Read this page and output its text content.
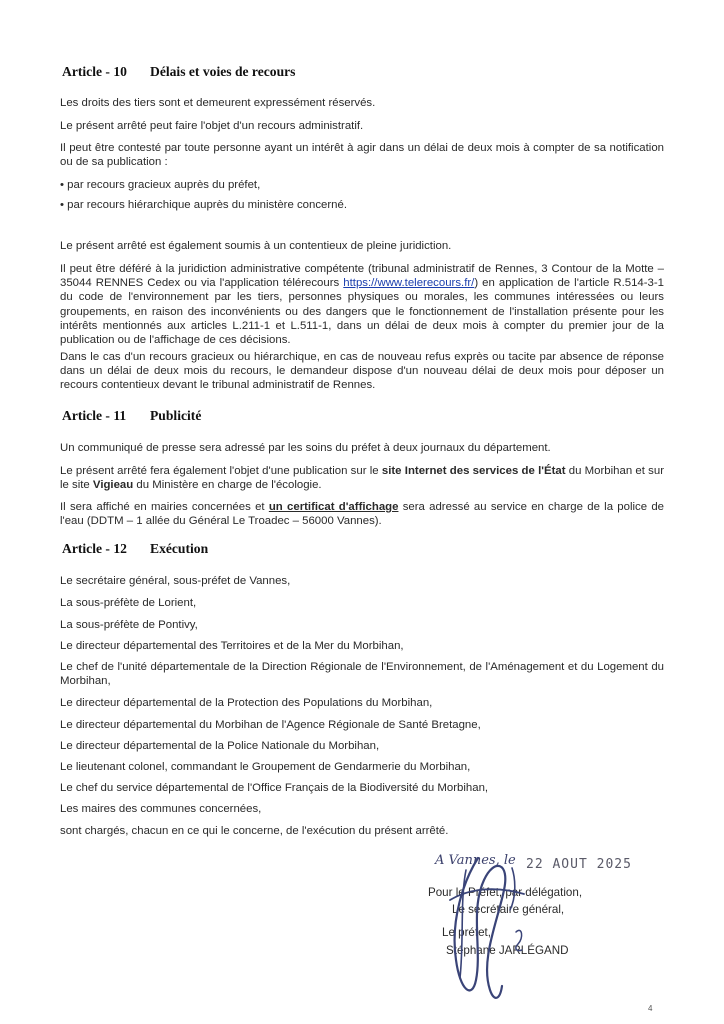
Article - 10 Délais et voies de recours
Les droits des tiers sont et demeurent expressément réservés.
Le présent arrêté peut faire l'objet d'un recours administratif.
Il peut être contesté par toute personne ayant un intérêt à agir dans un délai de deux mois à compter de sa notification ou de sa publication :
• par recours gracieux auprès du préfet,
• par recours hiérarchique auprès du ministère concerné.
Le présent arrêté est également soumis à un contentieux de pleine juridiction.
Il peut être déféré à la juridiction administrative compétente (tribunal administratif de Rennes, 3 Contour de la Motte – 35044 RENNES Cedex ou via l'application télérecours https://www.telerecours.fr/) en application de l'article R.514-3-1 du code de l'environnement par les tiers, personnes physiques ou morales, les communes intéressées ou leurs groupements, en raison des inconvénients ou des dangers que le fonctionnement de l'installation présente pour les intérêts mentionnés aux articles L.211-1 et L.511-1, dans un délai de deux mois à compter du premier jour de la publication ou de l'affichage de ces décisions.
Dans le cas d'un recours gracieux ou hiérarchique, en cas de nouveau refus exprès ou tacite par absence de réponse dans un délai de deux mois du recours, le demandeur dispose d'un nouveau délai de deux mois pour déposer un recours contentieux devant le tribunal administratif de Rennes.
Article - 11 Publicité
Un communiqué de presse sera adressé par les soins du préfet à deux journaux du département.
Le présent arrêté fera également l'objet d'une publication sur le site Internet des services de l'État du Morbihan et sur le site Vigieau du Ministère en charge de l'écologie.
Il sera affiché en mairies concernées et un certificat d'affichage sera adressé au service en charge de la police de l'eau (DDTM – 1 allée du Général Le Troadec – 56000 Vannes).
Article - 12 Exécution
Le secrétaire général, sous-préfet de Vannes,
La sous-préfète de Lorient,
La sous-préfète de Pontivy,
Le directeur départemental des Territoires et de la Mer du Morbihan,
Le chef de l'unité départementale de la Direction Régionale de l'Environnement, de l'Aménagement et du Logement du Morbihan,
Le directeur départemental de la Protection des Populations du Morbihan,
Le directeur départemental du Morbihan de l'Agence Régionale de Santé Bretagne,
Le directeur départemental de la Police Nationale du Morbihan,
Le lieutenant colonel, commandant le Groupement de Gendarmerie du Morbihan,
Le chef du service départemental de l'Office Français de la Biodiversité du Morbihan,
Les maires des communes concernées,
sont chargés, chacun en ce qui le concerne, de l'exécution du présent arrêté.
A Vannes, le 22 AOUT 2025
Pour le Préfet, par délégation,
Le secrétaire général,
Le préfet,
Stéphane JARLÉGAND
4
